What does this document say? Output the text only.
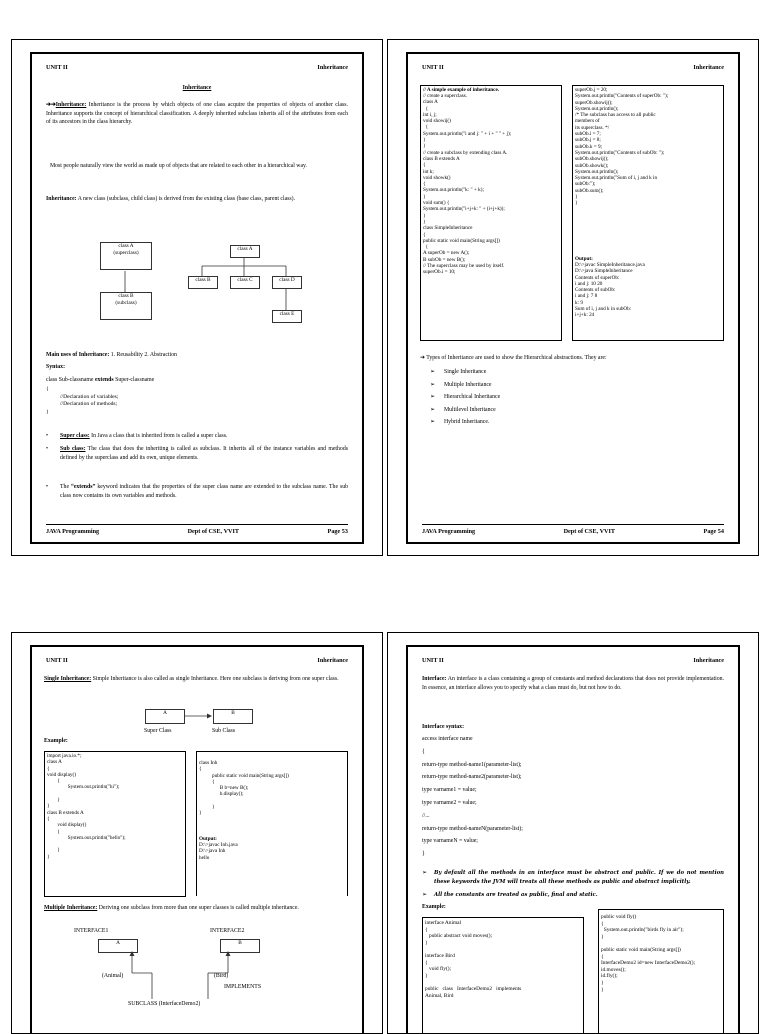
UNIT II	Inheritance
Inheritance
➔➔Inheritance: Inheritance is the process by which objects of one class acquire the properties of objects of another class. Inheritance supports the concept of hierarchical classification. A deeply inherited subclass inherits all of the attributes from each of its ancestors in the class hierarchy.
Most people naturally view the world as made up of objects that are related to each other in a hierarchical way.
Inheritance: A new class (subclass, child class) is derived from the existing class (base class, parent class).
class A
(superclass)
class B
(subclass)
class A
class B	class C	class D
class E
Main uses of Inheritance: 1. Reusability 2. Abstraction
Syntax:
class Sub-classname extends Super-classname
{
//Declaration of variables;
//Declaration of methods;
}
• Super class: In Java a class that is inherited from is called a super class.
• Sub class: The class that does the inheriting is called as subclass. It inherits all of the instance variables and methods defined by the superclass and add its own, unique elements.
• The “extends” keyword indicates that the properties of the super class name are extended to the subclass name. The sub class now contains its own variables and methods.
JAVA Programming	Dept of CSE, VVIT	Page 53
UNIT II	Inheritance
// A simple example of inheritance.
// create a superclass.
class A
{
int i, j;
void showij()
{
System.out.println("i and j: " + i + " " + j);
}
}
// create a subclass by extending class A.
class B extends A
{
int k;
void showk()
{
System.out.println("k: " + k);
}
void sum() {
System.out.println("i+j+k: " + (i+j+k));
}
}
class SimpleInheritance
{
public static void main(String args[])
{
A superOb = new A();
B subOb = new B();
// The superclass may be used by itself.
superOb.i = 10;
superOb.j = 20;
System.out.println("Contents of superOb: ");
superOb.showij();
System.out.println();
/* The subclass has access to all public
members of
its superclass. */
subOb.i = 7;
subOb.j = 8;
subOb.k = 9;
System.out.println("Contents of subOb: ");
subOb.showij();
subOb.showk();
System.out.println();
System.out.println("Sum of i, j and k in
subOb:");
subOb.sum();
}
}
Output:
D:\>javac SimpleInheritance.java
D:\>java SimpleInheritance
Contents of superOb:
i and j: 10 20
Contents of subOb:
i and j: 7 8
k: 9
Sum of i, j and k in subOb:
i+j+k: 24
➔ Types of Inheritance are used to show the Hierarchical abstractions. They are:
JAVA Programming	Dept of CSE, VVIT	Page 54
➢ Single Inheritance
➢ Multiple Inheritance
➢ Hierarchical Inheritance
➢ Multilevel Inheritance
➢ Hybrid Inheritance.
UNIT II	Inheritance
Single Inheritance: Simple Inheritance is also called as single Inheritance. Here one subclass is deriving from one super class.
A	B
Super Class	Sub Class
Example:
import java.io.*;
class A
{
void display()
{
System.out.println("hi");

}
}
class B extends A
{
void display()
{
System.out.println("hello");

}
}
class Inh
{
public static void main(String args[])
{
B b=new B();
b.display();

}
}
Output:
D:\>javac Inh.java
D:\>java Inh
hello
Multiple Inheritance: Deriving one subclass from more than one super classes is called multiple inheritance.
INTERFACE1	INTERFACE2
A	B
(Animal)	(Bird)
IMPLEMENTS
SUBCLASS (InterfaceDemo2)
UNIT II	Inheritance
Interface: An interface is a class containing a group of constants and method declarations that does not provide implementation. In essence, an interface allows you to specify what a class must do, but not how to do.
Interface syntax:
➢ By default all the methods in an interface must be abstract and public. If we do not mention these keywords the JVM will treats all these methods as public and abstract implicitly.
➢ All the constants are treated as public, final and static.
Example:
interface Animal
{
public abstract void moves();
}

interface Bird
{
void fly();
}

public   class   InterfaceDemo2   implements
Animal, Bird
public void fly()
{
System.out.println("birds fly in air");
}

public static void main(String args[])
{
InterfaceDemo2 id=new InterfaceDemo2();
id.moves();
id.fly();
}
}
access interface name
{
return-type method-name1(parameter-list);
return-type method-name2(parameter-list);
type varname1 = value;
type varname2 = value;
//...
return-type method-nameN(parameter-list);
type varnameN = value;
}
